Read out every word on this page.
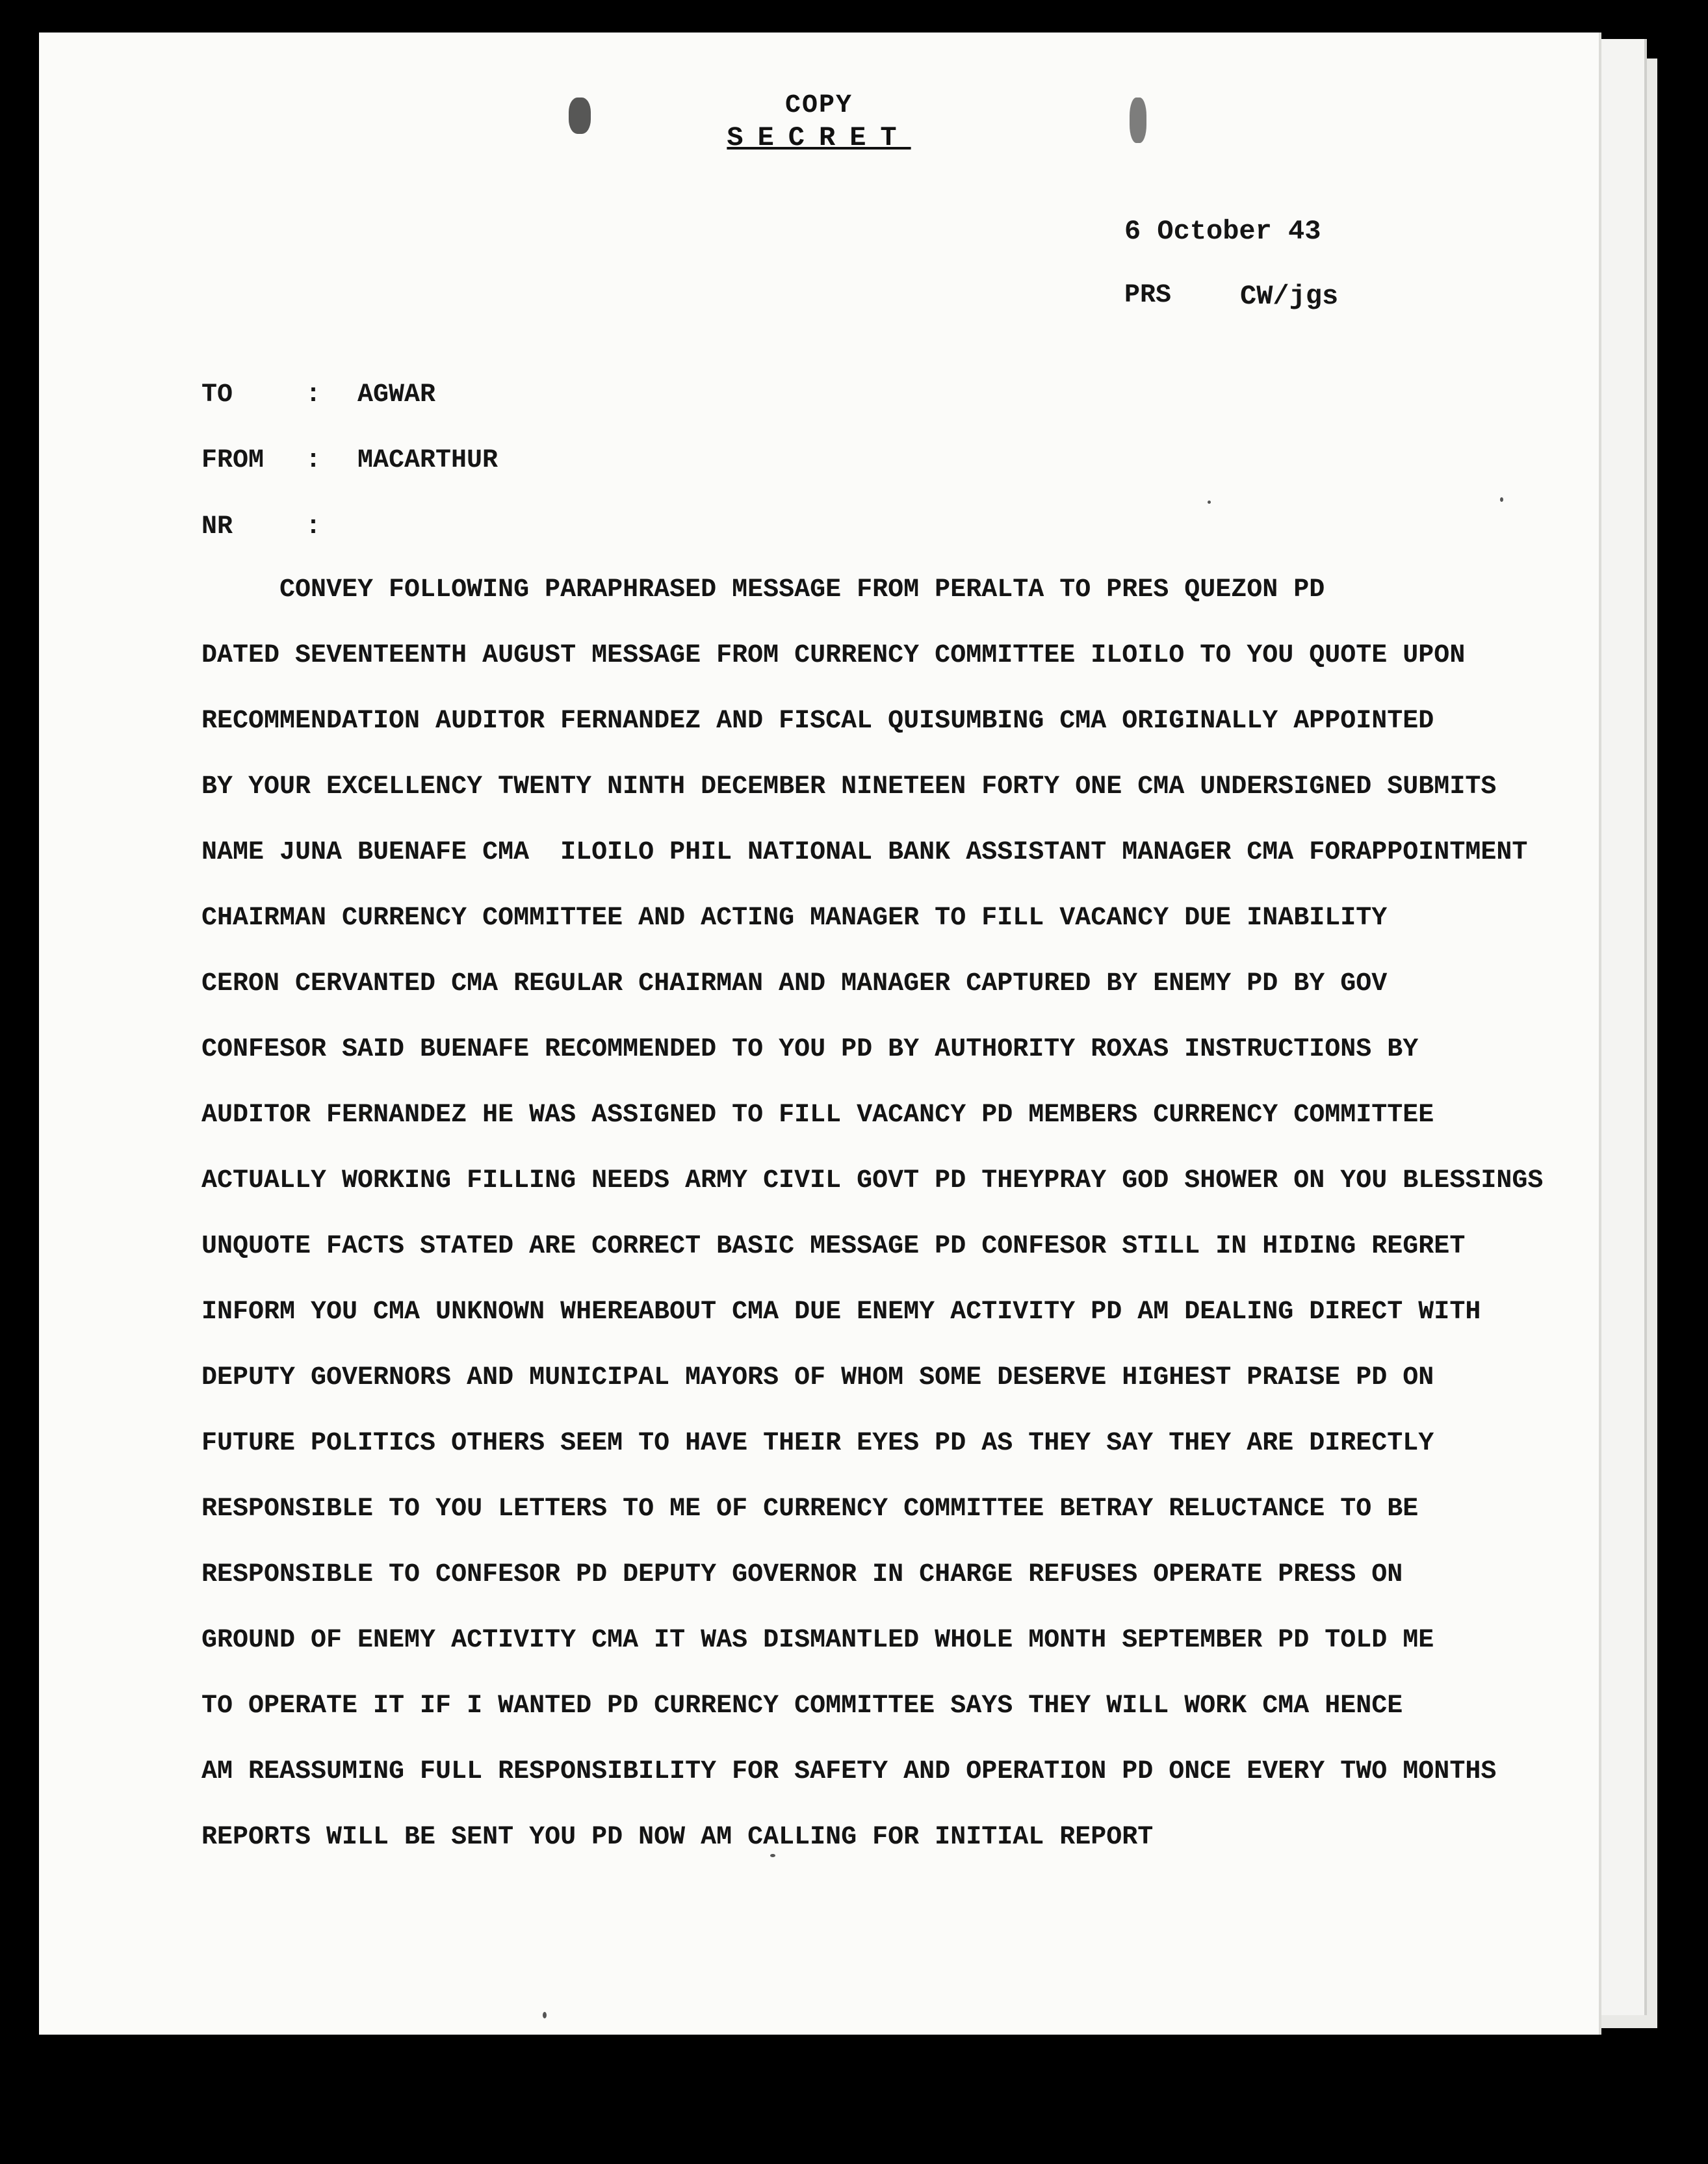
COPY
SECRET
6 October 43
PRS	CW/jgs
TO	: AGWAR
FROM : MACARTHUR
NR	:
CONVEY FOLLOWING PARAPHRASED MESSAGE FROM PERALTA TO PRES QUEZON PD
DATED SEVENTEENTH AUGUST MESSAGE FROM CURRENCY COMMITTEE ILOILO TO YOU QUOTE UPON
RECOMMENDATION AUDITOR FERNANDEZ AND FISCAL QUISUMBING CMA ORIGINALLY APPOINTED
BY YOUR EXCELLENCY TWENTY NINTH DECEMBER NINETEEN FORTY ONE CMA UNDERSIGNED SUBMITS
NAME JUNA BUENAFE CMA  ILOILO PHIL NATIONAL BANK ASSISTANT MANAGER CMA FORAPPOINTMENT
CHAIRMAN CURRENCY COMMITTEE AND ACTING MANAGER TO FILL VACANCY DUE INABILITY
CERON CERVANTED CMA REGULAR CHAIRMAN AND MANAGER CAPTURED BY ENEMY PD BY GOV
CONFESOR SAID BUENAFE RECOMMENDED TO YOU PD BY AUTHORITY ROXAS INSTRUCTIONS BY
AUDITOR FERNANDEZ HE WAS ASSIGNED TO FILL VACANCY PD MEMBERS CURRENCY COMMITTEE
ACTUALLY WORKING FILLING NEEDS ARMY CIVIL GOVT PD THEYPRAY GOD SHOWER ON YOU BLESSINGS
UNQUOTE FACTS STATED ARE CORRECT BASIC MESSAGE PD CONFESOR STILL IN HIDING REGRET
INFORM YOU CMA UNKNOWN WHEREABOUT CMA DUE ENEMY ACTIVITY PD AM DEALING DIRECT WITH
DEPUTY GOVERNORS AND MUNICIPAL MAYORS OF WHOM SOME DESERVE HIGHEST PRAISE PD ON
FUTURE POLITICS OTHERS SEEM TO HAVE THEIR EYES PD AS THEY SAY THEY ARE DIRECTLY
RESPONSIBLE TO YOU LETTERS TO ME OF CURRENCY COMMITTEE BETRAY RELUCTANCE TO BE
RESPONSIBLE TO CONFESOR PD DEPUTY GOVERNOR IN CHARGE REFUSES OPERATE PRESS ON
GROUND OF ENEMY ACTIVITY CMA IT WAS DISMANTLED WHOLE MONTH SEPTEMBER PD TOLD ME
TO OPERATE IT IF I WANTED PD CURRENCY COMMITTEE SAYS THEY WILL WORK CMA HENCE
AM REASSUMING FULL RESPONSIBILITY FOR SAFETY AND OPERATION PD ONCE EVERY TWO MONTHS
REPORTS WILL BE SENT YOU PD NOW AM CALLING FOR INITIAL REPORT
